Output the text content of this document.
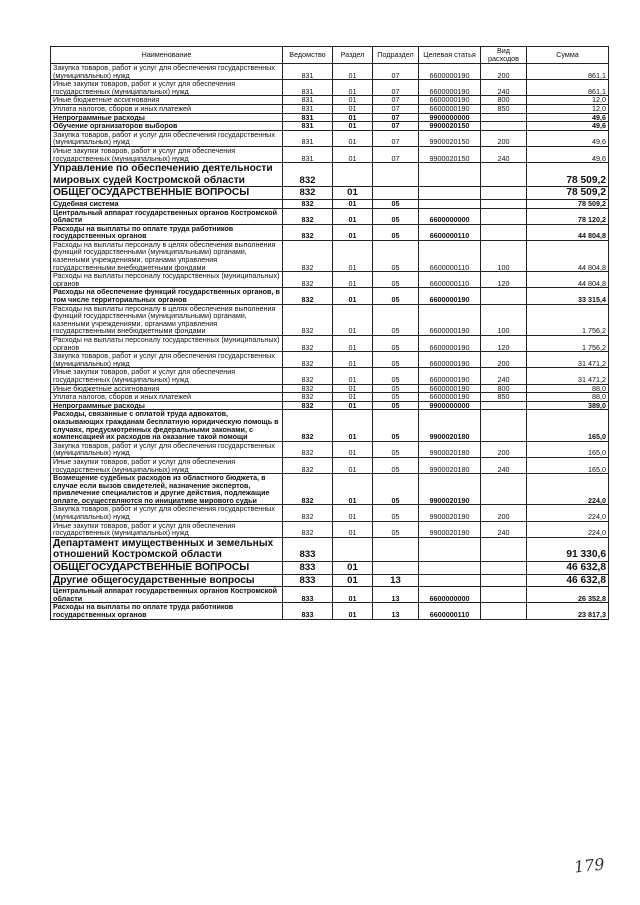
Наименование	Ведомство	Раздел	Подраздел	Целевая статья	Вид расходов	Сумма
Закупка товаров, работ и услуг для обеспечения государственных (муниципальных) нужд	831	01	07	6600000190	200	861,1
Иные закупки товаров, работ и услуг для обеспечения государственных (муниципальных) нужд	831	01	07	6600000190	240	861,1
Иные бюджетные ассигнования	831	01	07	6600000190	800	12,0
Уплата налогов, сборов и иных платежей	831	01	07	6600000190	850	12,0
Непрограммные расходы	831	01	07	9900000000		49,6
Обучение организаторов выборов	831	01	07	9900020150		49,6
Закупка товаров, работ и услуг для обеспечения государственных (муниципальных) нужд	831	01	07	9900020150	200	49,6
Иные закупки товаров, работ и услуг для обеспечения государственных (муниципальных) нужд	831	01	07	9900020150	240	49,6
Управление по обеспечению деятельности мировых судей Костромской области	832					78 509,2
ОБЩЕГОСУДАРСТВЕННЫЕ ВОПРОСЫ	832	01				78 509,2
Судебная система	832	01	05			78 509,2
Центральный аппарат государственных органов Костромской области	832	01	05	6600000000		78 120,2
Расходы на выплаты по оплате труда работников государственных органов	832	01	05	6600000110		44 804,8
Расходы на выплаты персоналу в целях обеспечения выполнения функций государственными (муниципальными) органами, казенными учреждениями, органами управления государственными внебюджетными фондами	832	01	05	6600000110	100	44 804,8
Расходы на выплаты персоналу государственных (муниципальных) органов	832	01	05	6600000110	120	44 804,8
Расходы на обеспечение функций государственных органов, в том числе территориальных органов	832	01	05	6600000190		33 315,4
Расходы на выплаты персоналу в целях обеспечения выполнения функций государственными (муниципальными) органами, казенными учреждениями, органами управления государственными внебюджетными фондами	832	01	05	6600000190	100	1 756,2
Расходы на выплаты персоналу государственных (муниципальных) органов	832	01	05	6600000190	120	1 756,2
Закупка товаров, работ и услуг для обеспечения государственных (муниципальных) нужд	832	01	05	6600000190	200	31 471,2
Иные закупки товаров, работ и услуг для обеспечения государственных (муниципальных) нужд	832	01	05	6600000190	240	31 471,2
Иные бюджетные ассигнования	832	01	05	6600000190	800	88,0
Уплата налогов, сборов и иных платежей	832	01	05	6600000190	850	88,0
Непрограммные расходы	832	01	05	9900000000		389,0
Расходы, связанные с оплатой труда адвокатов, оказывающих гражданам бесплатную юридическую помощь в случаях, предусмотренных федеральными законами, с компенсацией их расходов на оказание такой помощи	832	01	05	9900020180		165,0
Закупка товаров, работ и услуг для обеспечения государственных (муниципальных) нужд	832	01	05	9900020180	200	165,0
Иные закупки товаров, работ и услуг для обеспечения государственных (муниципальных) нужд	832	01	05	9900020180	240	165,0
Возмещение судебных расходов из областного бюджета, в случае если вызов свидетелей, назначение экспертов, привлечение специалистов и другие действия, подлежащие оплате, осуществляются по инициативе мирового судьи	832	01	05	9900020190		224,0
Закупка товаров, работ и услуг для обеспечения государственных (муниципальных) нужд	832	01	05	9900020190	200	224,0
Иные закупки товаров, работ и услуг для обеспечения государственных (муниципальных) нужд	832	01	05	9900020190	240	224,0
Департамент имущественных и земельных отношений Костромской области	833					91 330,6
ОБЩЕГОСУДАРСТВЕННЫЕ ВОПРОСЫ	833	01				46 632,8
Другие общегосударственные вопросы	833	01	13			46 632,8
Центральный аппарат государственных органов Костромской области	833	01	13	6600000000		26 352,8
Расходы на выплаты по оплате труда работников государственных органов	833	01	13	6600000110		23 817,3
179
